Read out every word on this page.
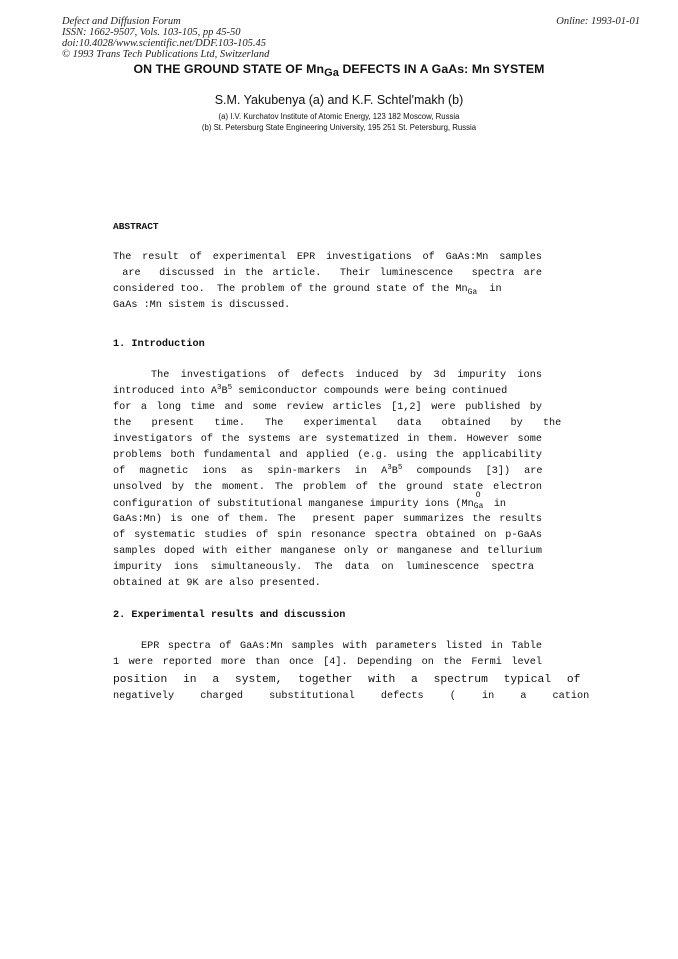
Defect and Diffusion Forum
ISSN: 1662-9507, Vols. 103-105, pp 45-50
doi:10.4028/www.scientific.net/DDF.103-105.45
© 1993 Trans Tech Publications Ltd, Switzerland
Online: 1993-01-01
ON THE GROUND STATE OF $Mn_{Ga}$ DEFECTS IN A GaAs: Mn SYSTEM
S.M. Yakubenya (a) and K.F. Schtel'makh (b)
(a) I.V. Kurchatov Institute of Atomic Energy, 123 182 Moscow, Russia
(b) St. Petersburg State Engineering University, 195 251 St. Petersburg, Russia
ABSTRACT
The result of experimental EPR investigations of GaAs:Mn samples
are  discussed in the article.  Their luminescence  spectra are
considered too.  The problem of the ground state of the $Mn_{Ga}$  in
GaAs :Mn sistem is discussed.
1. Introduction
The investigations of defects induced by 3d impurity ions
introduced into $A^3B^5$ semiconductor compounds were being continued
for a long time and some review articles [1,2] were published by
the present time. The experimental data obtained by the
investigators of the systems are systematized in them. However some
problems both fundamental and applied (e.g. using the applicability
of magnetic ions as spin-markers in $A^3B^5$ compounds [3]) are
unsolved by the moment. The problem of the ground state electron
configuration of substitutional manganese impurity ions (Mn
O
Ga in
GaAs:Mn) is one of them. The  present paper summarizes the results
of systematic studies of spin resonance spectra obtained on p-GaAs
samples doped with either manganese only or manganese and tellurium
impurity ions simultaneously. The data on luminescence spectra
obtained at 9K are also presented.
2. Experimental results and discussion
EPR spectra of GaAs:Mn samples with parameters listed in Table
1 were reported more than once [4]. Depending on the Fermi level
position in a system, together with a spectrum typical of
negatively charged substitutional defects ( in a cation
